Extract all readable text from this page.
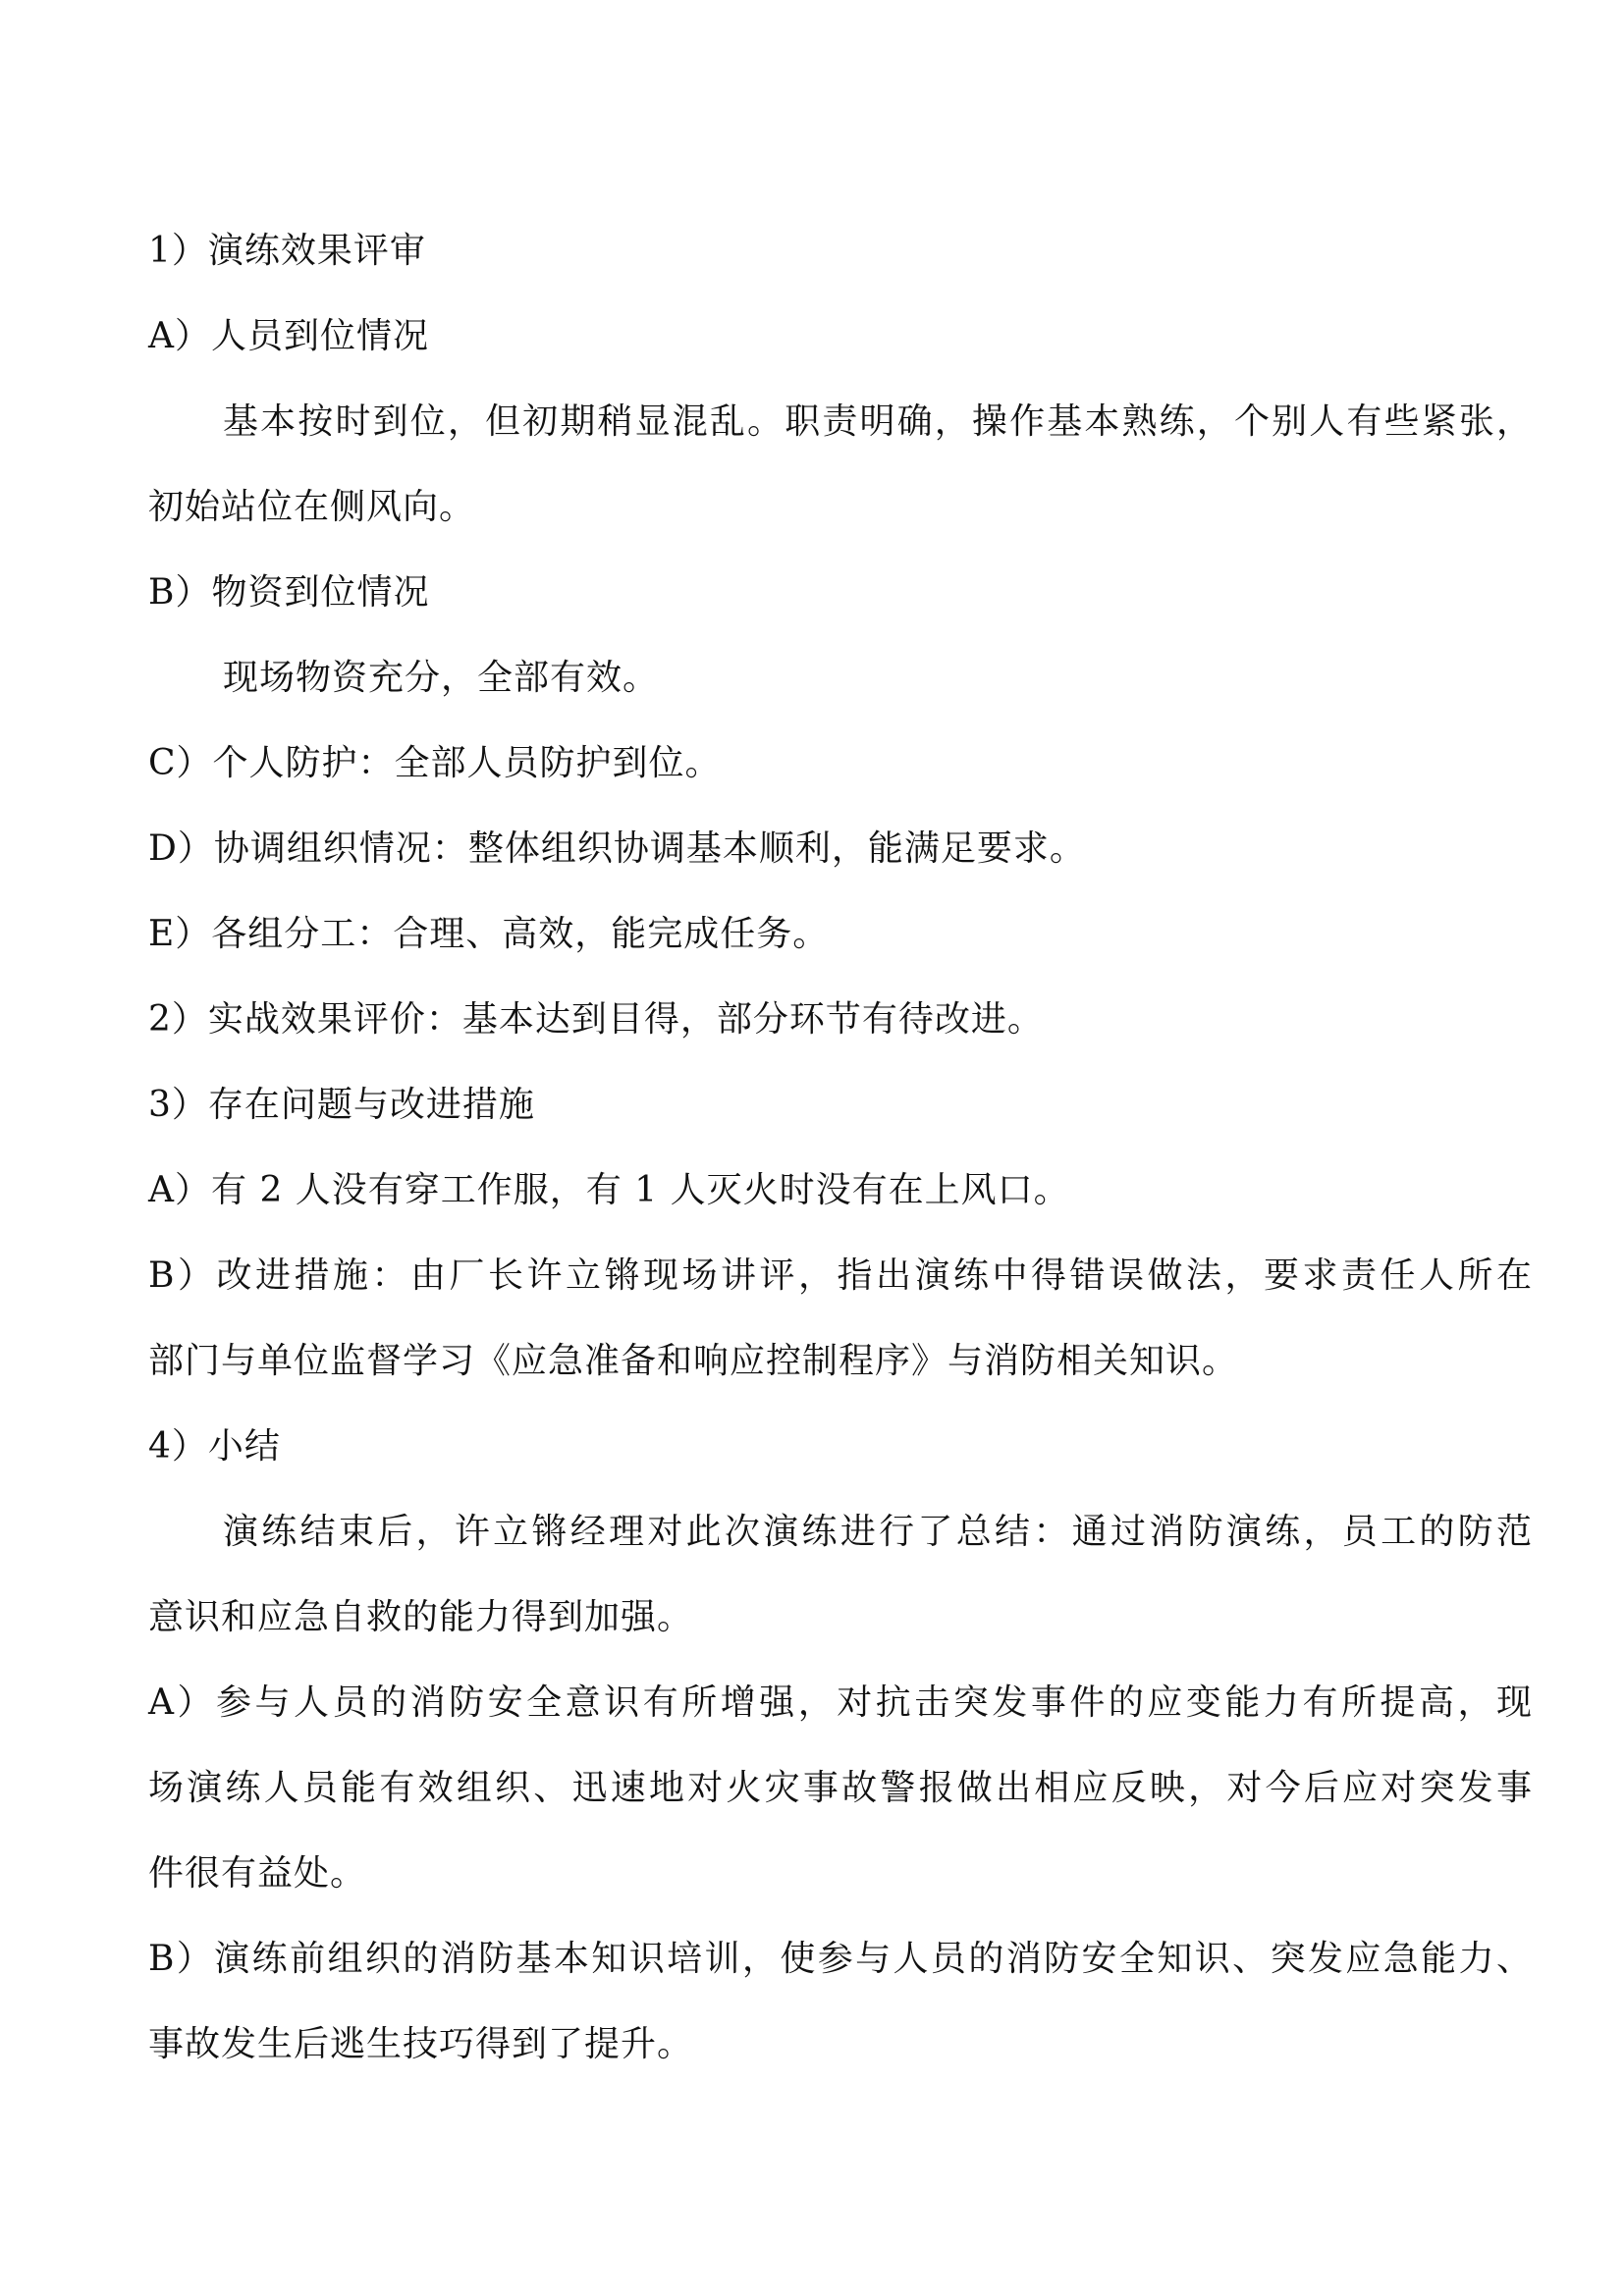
1）演练效果评审
A）人员到位情况
基本按时到位，但初期稍显混乱。职责明确，操作基本熟练，个别人有些紧张，
初始站位在侧风向。
B）物资到位情况
现场物资充分，全部有效。
C）个人防护：全部人员防护到位。
D）协调组织情况：整体组织协调基本顺利，能满足要求。
E）各组分工：合理、高效，能完成任务。
2）实战效果评价：基本达到目得，部分环节有待改进。
3）存在问题与改进措施
A）有 2 人没有穿工作服，有 1 人灭火时没有在上风口。
B）改进措施：由厂长许立锵现场讲评，指出演练中得错误做法，要求责任人所在
部门与单位监督学习《应急准备和响应控制程序》与消防相关知识。
4）小结
演练结束后，许立锵经理对此次演练进行了总结：通过消防演练，员工的防范
意识和应急自救的能力得到加强。
A）参与人员的消防安全意识有所增强，对抗击突发事件的应变能力有所提高，现
场演练人员能有效组织、迅速地对火灾事故警报做出相应反映，对今后应对突发事
件很有益处。
B）演练前组织的消防基本知识培训，使参与人员的消防安全知识、突发应急能力、
事故发生后逃生技巧得到了提升。
